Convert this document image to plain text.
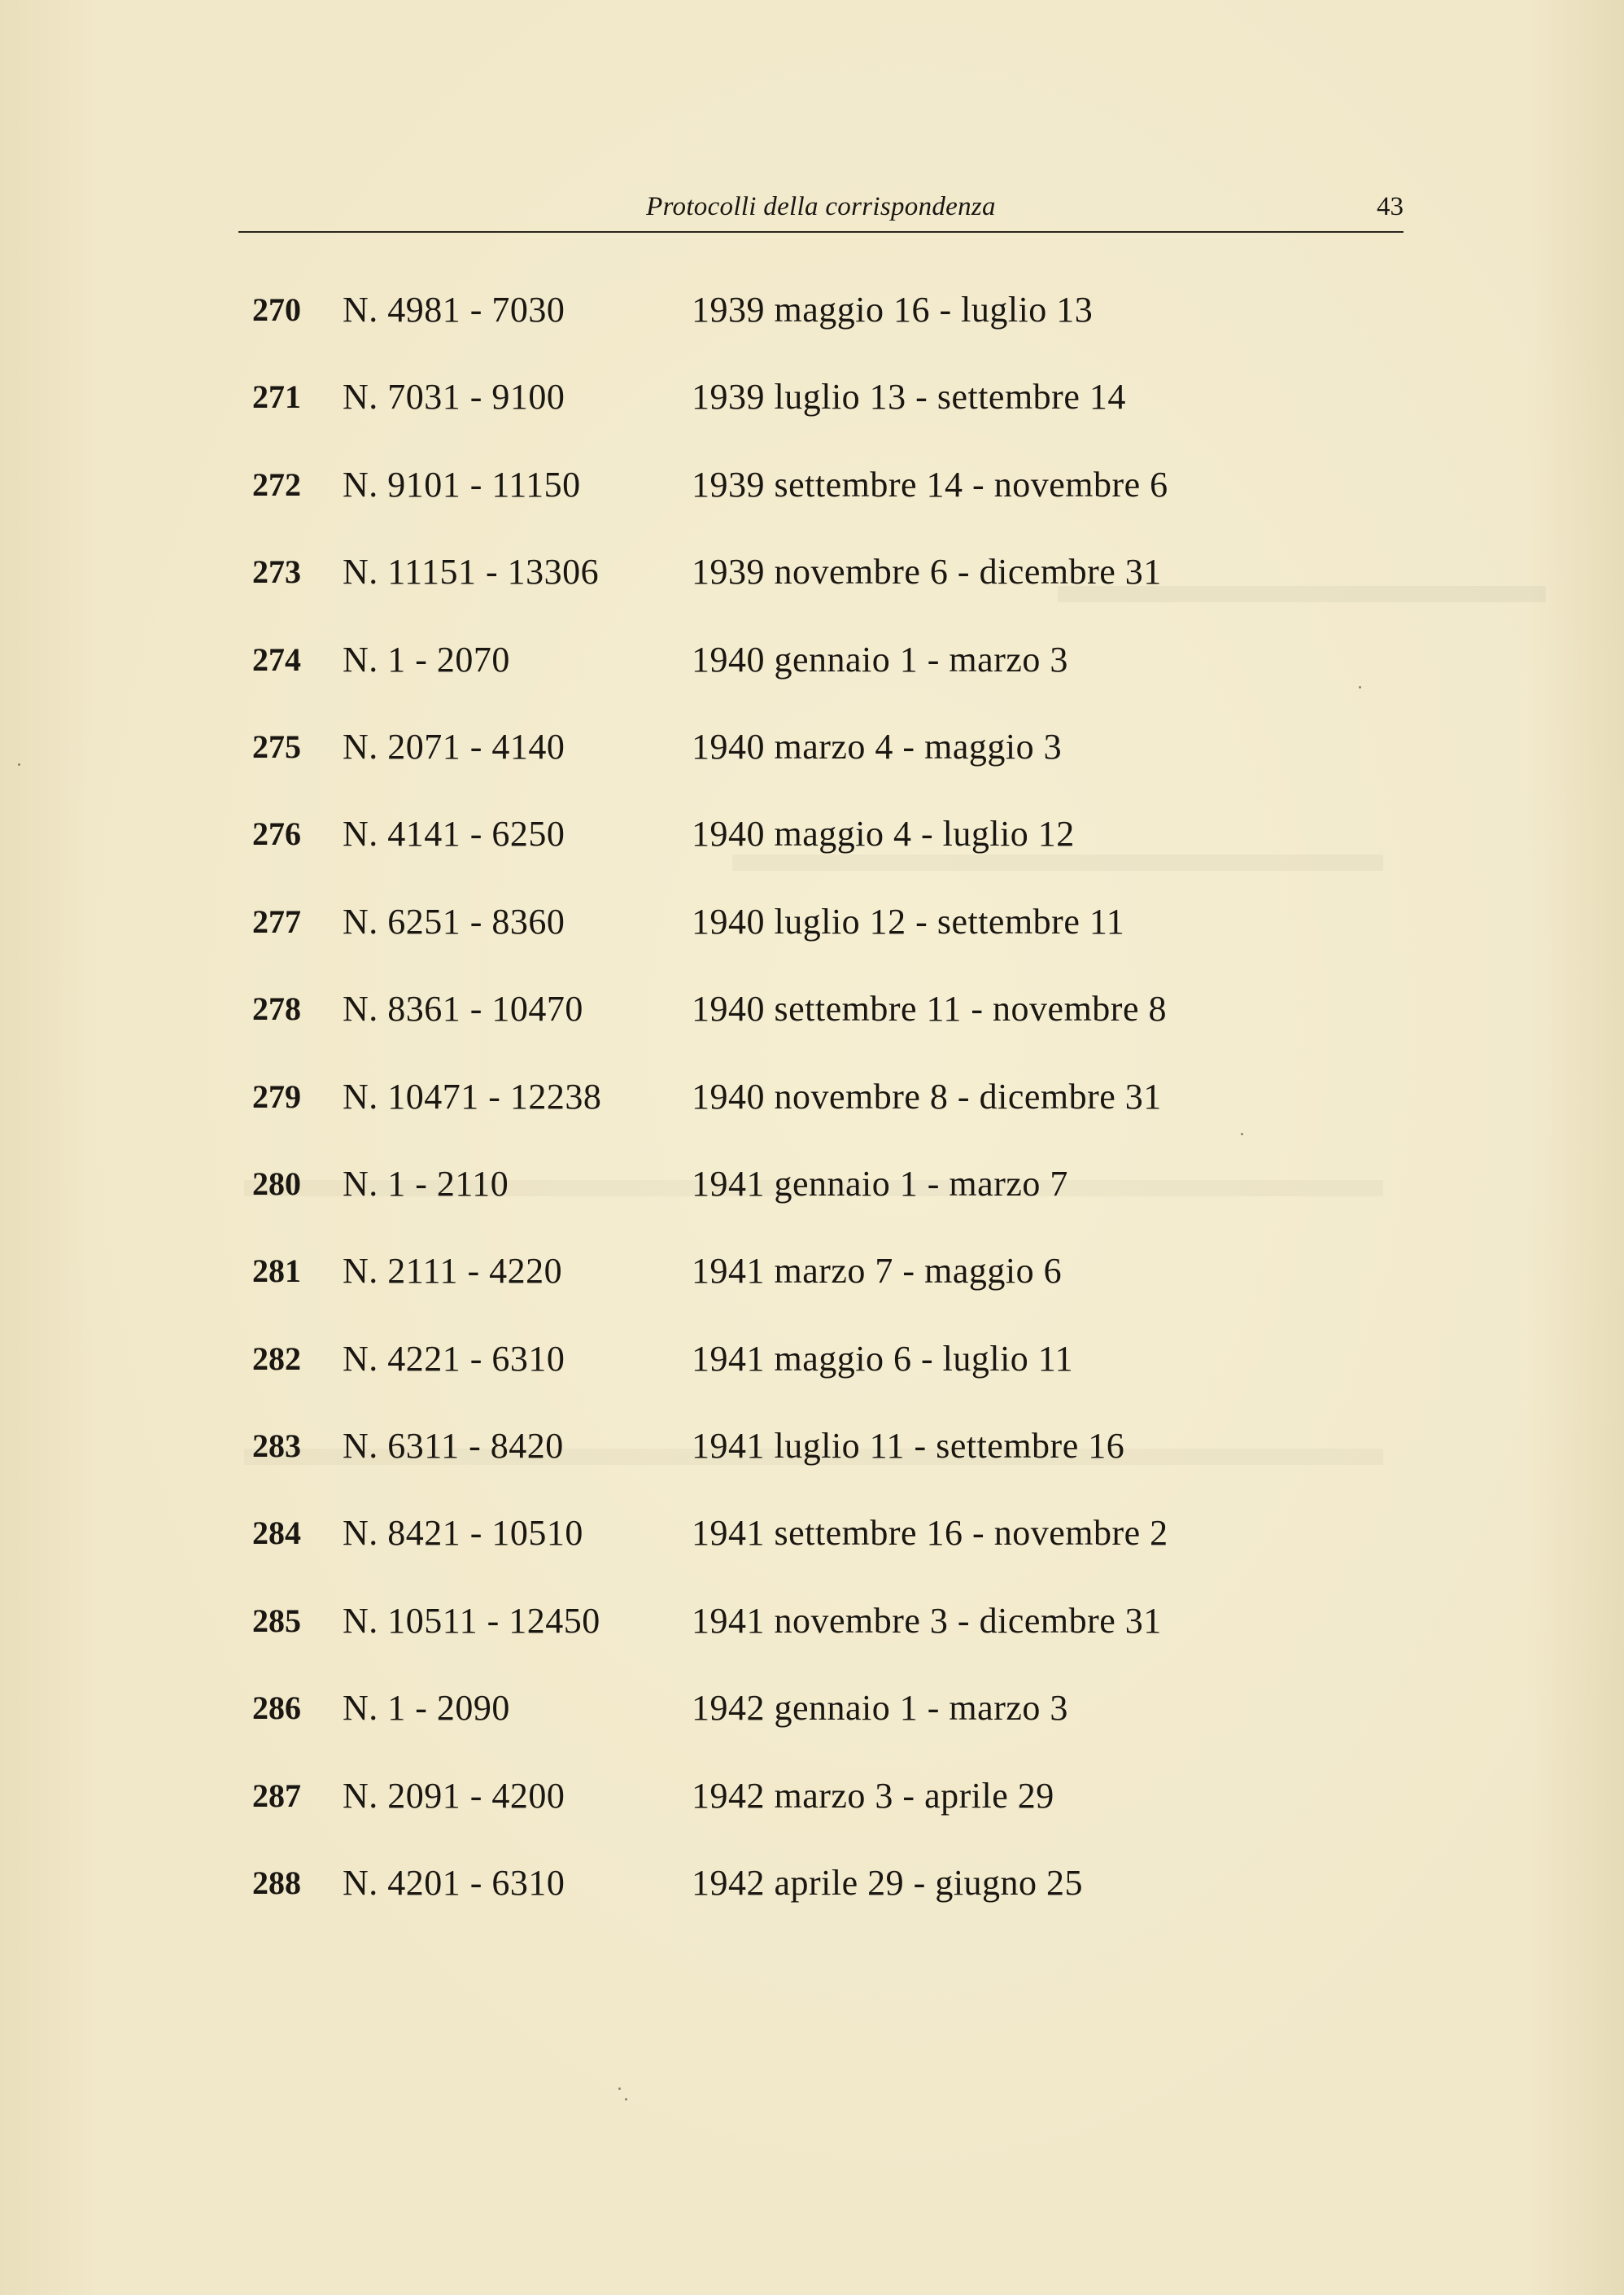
Protocolli della corrispondenza	43
270 N. 4981 - 7030	1939 maggio 16 - luglio 13
271 N. 7031 - 9100	1939 luglio 13 - settembre 14
272 N. 9101 - 11150	1939 settembre 14 - novembre 6
273 N. 11151 - 13306	1939 novembre 6 - dicembre 31
274 N. 1 - 2070	1940 gennaio 1 - marzo 3
275 N. 2071 - 4140	1940 marzo 4 - maggio 3
276 N. 4141 - 6250	1940 maggio 4 - luglio 12
277 N. 6251 - 8360	1940 luglio 12 - settembre 11
278 N. 8361 - 10470	1940 settembre 11 - novembre 8
279 N. 10471 - 12238	1940 novembre 8 - dicembre 31
280 N. 1 - 2110	1941 gennaio 1 - marzo 7
281 N. 2111 - 4220	1941 marzo 7 - maggio 6
282 N. 4221 - 6310	1941 maggio 6 - luglio 11
283 N. 6311 - 8420	1941 luglio 11 - settembre 16
284 N. 8421 - 10510	1941 settembre 16 - novembre 2
285 N. 10511 - 12450	1941 novembre 3 - dicembre 31
286 N. 1 - 2090	1942 gennaio 1 - marzo 3
287 N. 2091 - 4200	1942 marzo 3 - aprile 29
288 N. 4201 - 6310	1942 aprile 29 - giugno 25
